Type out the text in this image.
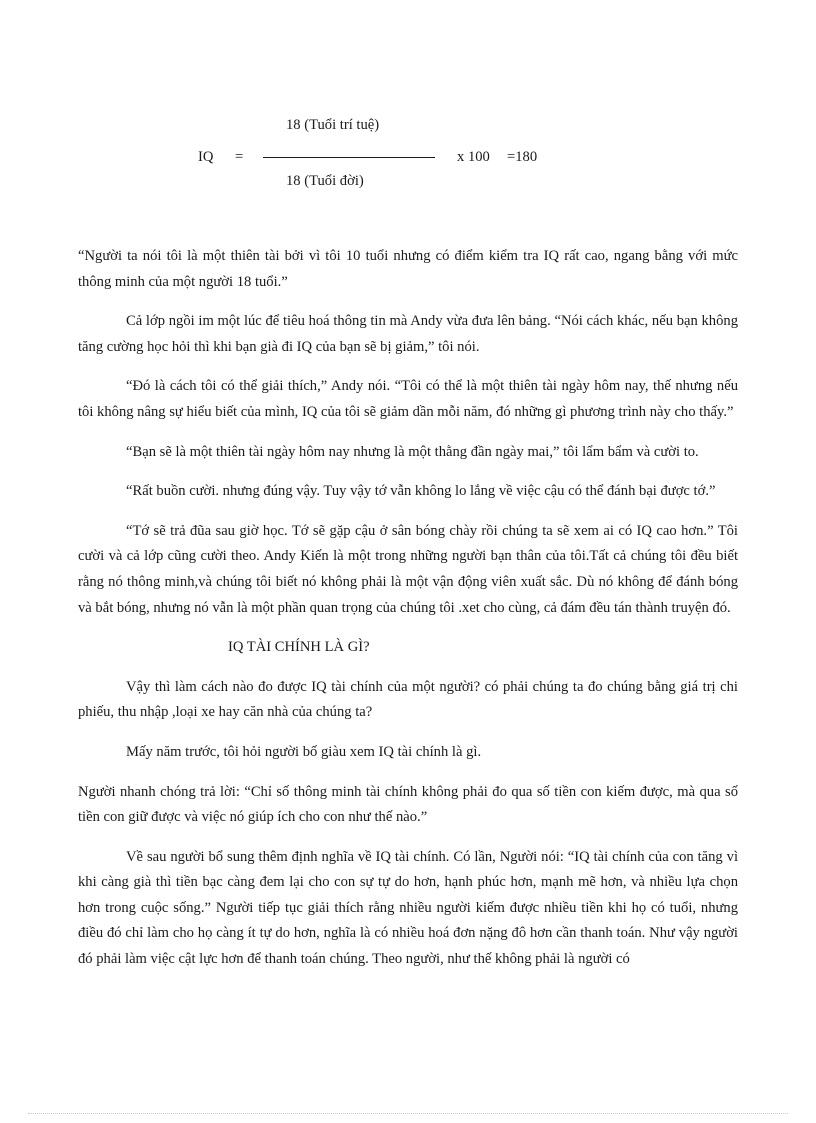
18 (Tuổi trí tuệ)
IQ =	x 100 =180
18 (Tuổi đời)

“Người ta nói tôi là một thiên tài bởi vì tôi 10 tuổi nhưng có điểm kiểm tra IQ rất cao, ngang bằng với mức thông minh của một người 18 tuổi.”

Cả lớp ngồi im một lúc để tiêu hoá thông tin mà Andy vừa đưa lên bảng. “Nói cách khác, nếu bạn không tăng cường học hỏi thì khi bạn già đi IQ của bạn sẽ bị giảm,” tôi nói.

“Đó là cách tôi có thể giải thích,” Andy nói. “Tôi có thể là một thiên tài ngày hôm nay, thế nhưng nếu tôi không nâng sự hiểu biết của mình, IQ của tôi sẽ giảm dần mỗi năm, đó những gì phương trình này cho thấy.”

“Bạn sẽ là một thiên tài ngày hôm nay nhưng là một thằng đần ngày mai,” tôi lẩm bẩm và cười to.

“Rất buồn cười. nhưng đúng vậy. Tuy vậy tớ vẫn không lo lắng về việc cậu có thể đánh bại được tớ.”

“Tớ sẽ trả đũa sau giờ học. Tớ sẽ gặp cậu ở sân bóng chày rồi chúng ta sẽ xem ai có IQ cao hơn.” Tôi cười và cả lớp cũng cười theo. Andy Kiến là một trong những người bạn thân của tôi.Tất cả chúng tôi đều biết rằng nó thông minh,và chúng tôi biết nó không phải là một vận động viên xuất sắc. Dù nó không để đánh bóng và bắt bóng, nhưng nó vẫn là một phần quan trọng của chúng tôi .xet cho cùng, cả đám đều tán thành truyện đó.

IQ TÀI CHÍNH LÀ GÌ?

Vậy thì làm cách nào đo được IQ tài chính của một người? có phải chúng ta đo chúng bằng giá trị chi phiếu, thu nhập ,loại xe hay căn nhà của chúng ta?

Mấy năm trước, tôi hỏi người bố giàu xem IQ tài chính là gì.

Người nhanh chóng trả lời: “Chỉ số thông minh tài chính không phải đo qua số tiền con kiếm được, mà qua số tiền con giữ được và việc nó giúp ích cho con như thế nào.”

Về sau người bổ sung thêm định nghĩa về IQ tài chính. Có lần, Người nói: “IQ tài chính của con tăng vì khi càng già thì tiền bạc càng đem lại cho con sự tự do hơn, hạnh phúc hơn, mạnh mẽ hơn, và nhiều lựa chọn hơn trong cuộc sống.” Người tiếp tục giải thích rằng nhiều người kiếm được nhiều tiền khi họ có tuổi, nhưng điều đó chỉ làm cho họ càng ít tự do hơn, nghĩa là có nhiều hoá đơn nặng đô hơn cần thanh toán. Như vậy người đó phải làm việc cật lực hơn để thanh toán chúng. Theo người, như thế không phải là người có
